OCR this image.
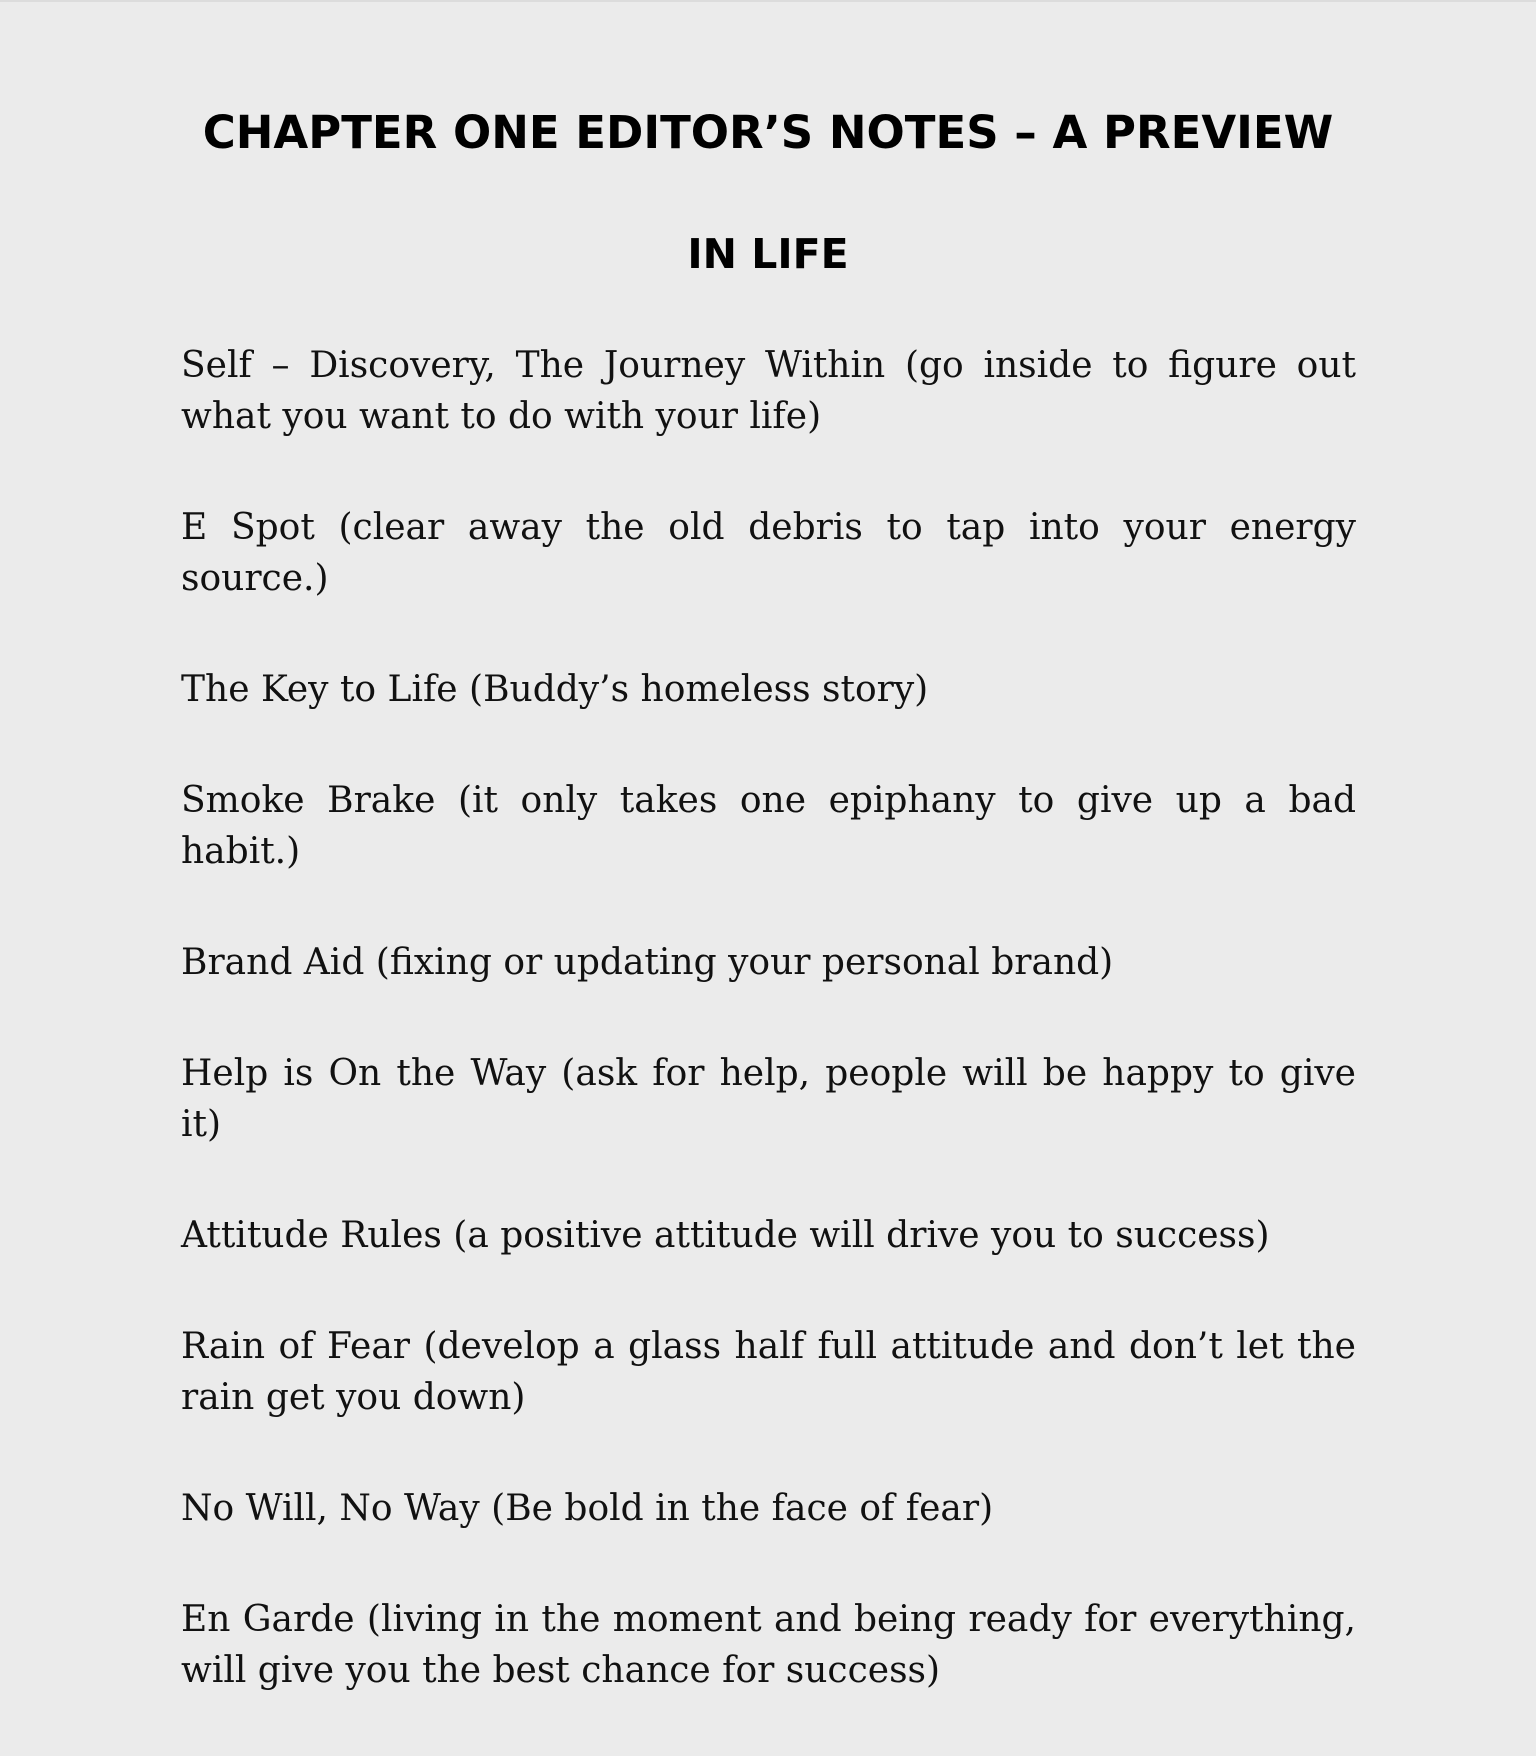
CHAPTER ONE EDITOR’S NOTES – A PREVIEW
IN LIFE
Self – Discovery, The Journey Within (go inside to figure out what you want to do with your life)
E Spot (clear away the old debris to tap into your energy source.)
The Key to Life (Buddy’s homeless story)
Smoke Brake (it only takes one epiphany to give up a bad habit.)
Brand Aid (fixing or updating your personal brand)
Help is On the Way (ask for help, people will be happy to give it)
Attitude Rules (a positive attitude will drive you to success)
Rain of Fear (develop a glass half full attitude and don’t let the rain get you down)
No Will, No Way (Be bold in the face of fear)
En Garde (living in the moment and being ready for everything, will give you the best chance for success)
